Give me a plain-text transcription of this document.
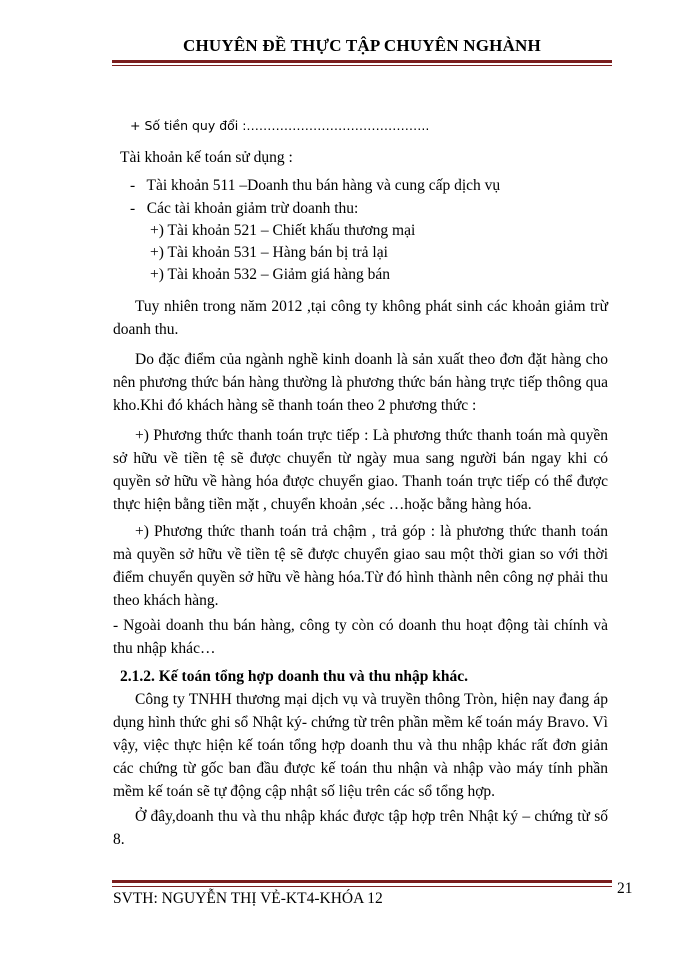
CHUYÊN ĐỀ THỰC TẬP CHUYÊN NGHÀNH
+ Số tiền quy đổi :……………………………………..
Tài khoản kế toán sử dụng :
-   Tài khoản 511 –Doanh thu bán hàng và cung cấp dịch vụ
-   Các tài khoản giảm trừ doanh thu:
+) Tài khoản 521 – Chiết khấu thương mại
+) Tài khoản 531 – Hàng bán bị trả lại
+) Tài khoản 532 – Giảm giá hàng bán
Tuy nhiên trong năm 2012 ,tại công ty không phát sinh các khoản giảm trừ doanh thu.
Do đặc điểm của ngành nghề kinh doanh là sản xuất theo đơn đặt hàng cho nên phương thức bán hàng thường là phương thức bán hàng trực tiếp thông qua kho.Khi đó khách hàng sẽ thanh toán theo 2 phương thức :
+) Phương thức thanh toán trực tiếp : Là phương thức thanh toán mà quyền sở hữu về tiền tệ sẽ được chuyển từ ngày mua sang người bán ngay khi có quyền sở hữu về hàng hóa được chuyển giao. Thanh toán trực tiếp có thể được thực hiện bằng tiền mặt , chuyển khoản ,séc …hoặc bằng hàng hóa.
+) Phương thức thanh toán trả chậm , trả góp : là phương thức thanh toán mà quyền sở hữu về tiền tệ sẽ được chuyển giao sau một thời gian so với thời điểm chuyển quyền sở hữu về hàng hóa.Từ đó hình thành nên công nợ phải thu theo khách hàng.
- Ngoài doanh thu bán hàng, công ty còn có doanh thu hoạt động tài chính và thu nhập khác…
2.1.2. Kế toán tổng hợp doanh thu và thu nhập khác.
Công ty TNHH thương mại dịch vụ và truyền thông Tròn, hiện nay đang áp dụng hình thức ghi sổ Nhật ký- chứng từ trên phần mềm kế toán máy Bravo. Vì vậy, việc thực hiện kế toán tổng hợp doanh thu và thu nhập khác rất đơn giản các chứng từ gốc ban đầu được kế toán thu nhận và nhập vào máy tính phần mềm kế toán sẽ tự động cập nhật số liệu trên các sổ tổng hợp.
Ở đây,doanh thu và thu nhập khác được tập hợp trên Nhật ký – chứng từ số 8.
SVTH: NGUYỄN THỊ VẺ-KT4-KHÓA 12
21
